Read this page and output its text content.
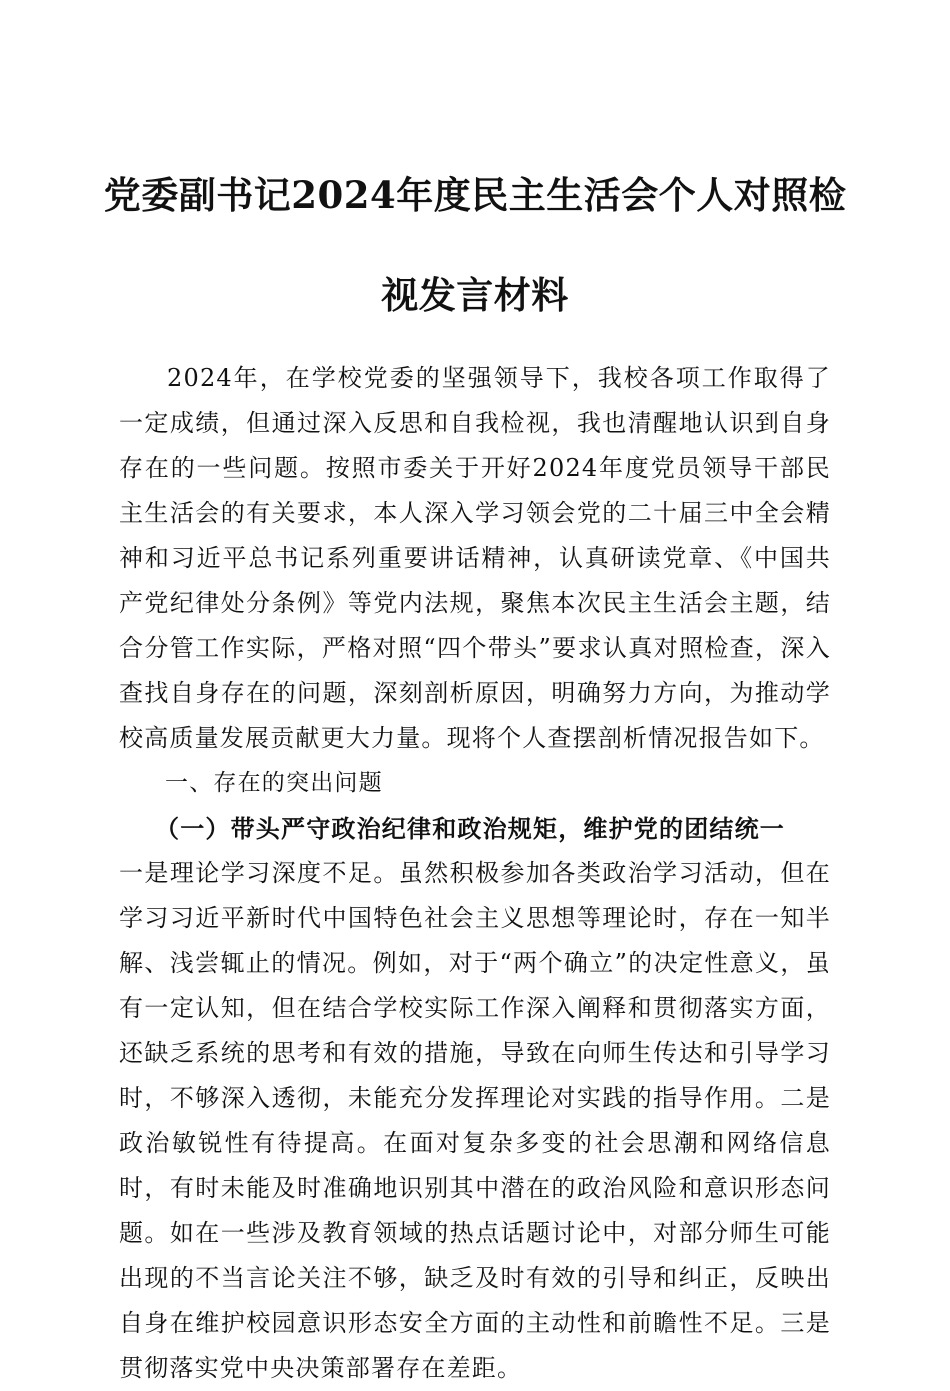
党委副书记2024年度民主生活会个人对照检视发言材料

2024年，在学校党委的坚强领导下，我校各项工作取得了一定成绩，但通过深入反思和自我检视，我也清醒地认识到自身存在的一些问题。按照市委关于开好2024年度党员领导干部民主生活会的有关要求，本人深入学习领会党的二十届三中全会精神和习近平总书记系列重要讲话精神，认真研读党章、《中国共产党纪律处分条例》等党内法规，聚焦本次民主生活会主题，结合分管工作实际，严格对照“四个带头”要求认真对照检查，深入查找自身存在的问题，深刻剖析原因，明确努力方向，为推动学校高质量发展贡献更大力量。现将个人查摆剖析情况报告如下。

一、存在的突出问题

（一）带头严守政治纪律和政治规矩，维护党的团结统一

一是理论学习深度不足。虽然积极参加各类政治学习活动，但在学习习近平新时代中国特色社会主义思想等理论时，存在一知半解、浅尝辄止的情况。例如，对于“两个确立”的决定性意义，虽有一定认知，但在结合学校实际工作深入阐释和贯彻落实方面，还缺乏系统的思考和有效的措施，导致在向师生传达和引导学习时，不够深入透彻，未能充分发挥理论对实践的指导作用。二是政治敏锐性有待提高。在面对复杂多变的社会思潮和网络信息时，有时未能及时准确地识别其中潜在的政治风险和意识形态问题。如在一些涉及教育领域的热点话题讨论中，对部分师生可能出现的不当言论关注不够，缺乏及时有效的引导和纠正，反映出自身在维护校园意识形态安全方面的主动性和前瞻性不足。三是贯彻落实党中央决策部署存在差距。
